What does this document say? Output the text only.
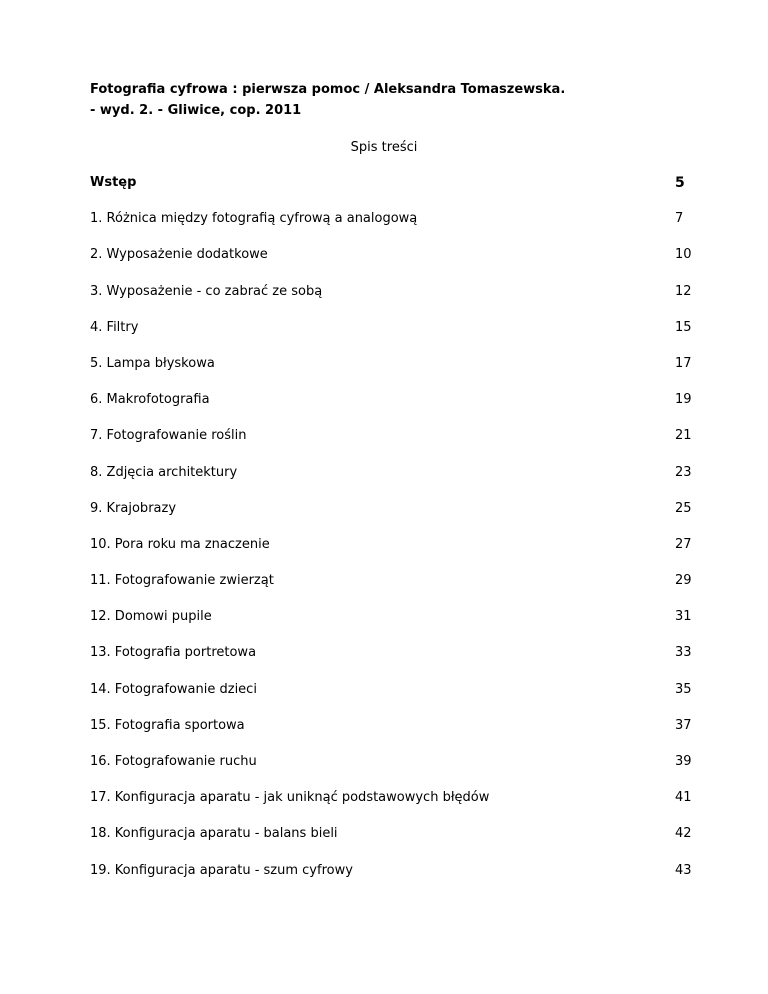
Fotografia cyfrowa : pierwsza pomoc / Aleksandra Tomaszewska.
- wyd. 2. - Gliwice, cop. 2011
Spis treści
Wstęp	5
1. Różnica między fotografią cyfrową a analogową	7
2. Wyposażenie dodatkowe	10
3. Wyposażenie - co zabrać ze sobą	12
4. Filtry	15
5. Lampa błyskowa	17
6. Makrofotografia	19
7. Fotografowanie roślin	21
8. Zdjęcia architektury	23
9. Krajobrazy	25
10. Pora roku ma znaczenie	27
11. Fotografowanie zwierząt	29
12. Domowi pupile	31
13. Fotografia portretowa	33
14. Fotografowanie dzieci	35
15. Fotografia sportowa	37
16. Fotografowanie ruchu	39
17. Konfiguracja aparatu - jak uniknąć podstawowych błędów	41
18. Konfiguracja aparatu - balans bieli	42
19. Konfiguracja aparatu - szum cyfrowy	43
